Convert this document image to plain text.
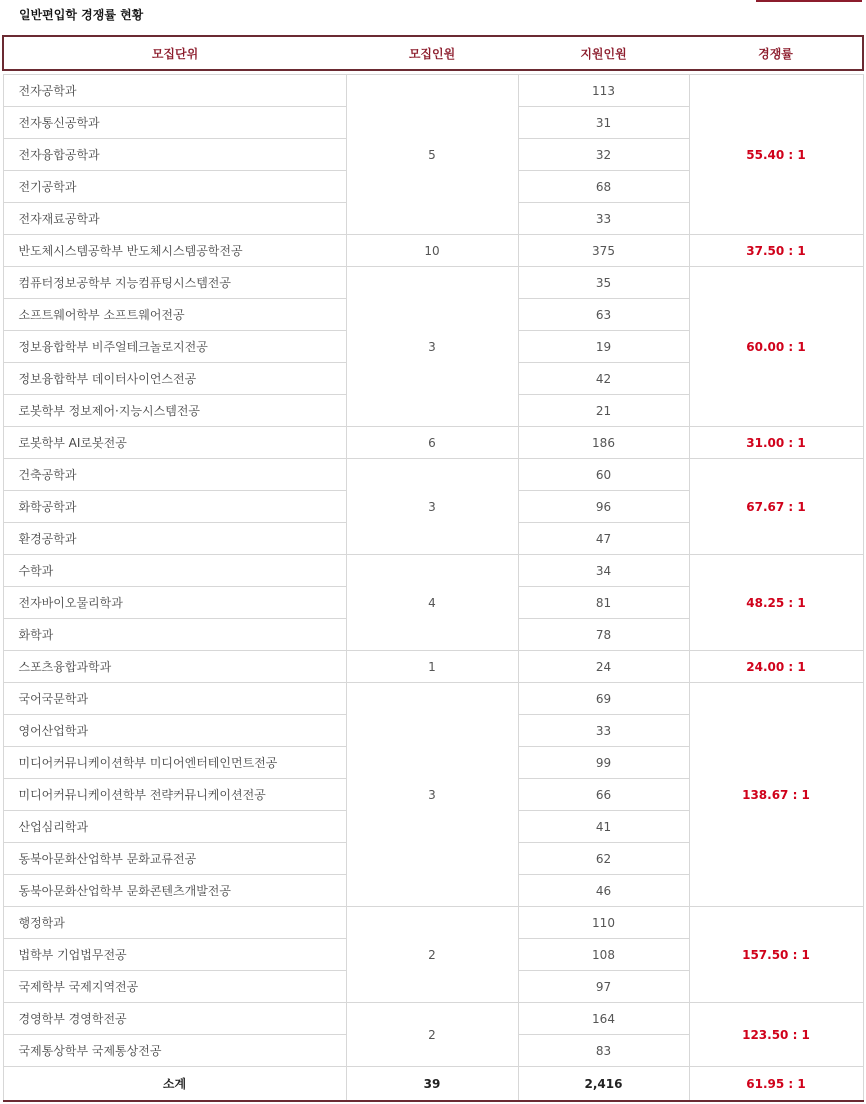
일반편입학 경쟁률 현황
모집단위	모집인원	지원인원	경쟁률

전자공학과	5	113	55.40 : 1
전자통신공학과		31	
전자융합공학과		32	
전기공학과		68	
전자재료공학과		33	
반도체시스템공학부 반도체시스템공학전공	10	375	37.50 : 1
컴퓨터정보공학부 지능컴퓨팅시스템전공	3	35	60.00 : 1
소프트웨어학부 소프트웨어전공		63	
정보융합학부 비주얼테크놀로지전공		19	
정보융합학부 데이터사이언스전공		42	
로봇학부 정보제어·지능시스템전공		21	
로봇학부 AI로봇전공	6	186	31.00 : 1
건축공학과	3	60	67.67 : 1
화학공학과		96	
환경공학과		47	
수학과	4	34	48.25 : 1
전자바이오물리학과		81	
화학과		78	
스포츠융합과학과	1	24	24.00 : 1
국어국문학과	3	69	138.67 : 1
영어산업학과		33	
미디어커뮤니케이션학부 미디어엔터테인먼트전공		99	
미디어커뮤니케이션학부 전략커뮤니케이션전공		66	
산업심리학과		41	
동북아문화산업학부 문화교류전공		62	
동북아문화산업학부 문화콘텐츠개발전공		46	
행정학과	2	110	157.50 : 1
법학부 기업법무전공		108	
국제학부 국제지역전공		97	
경영학부 경영학전공	2	164	123.50 : 1
국제통상학부 국제통상전공		83	
소계	39	2,416	61.95 : 1
